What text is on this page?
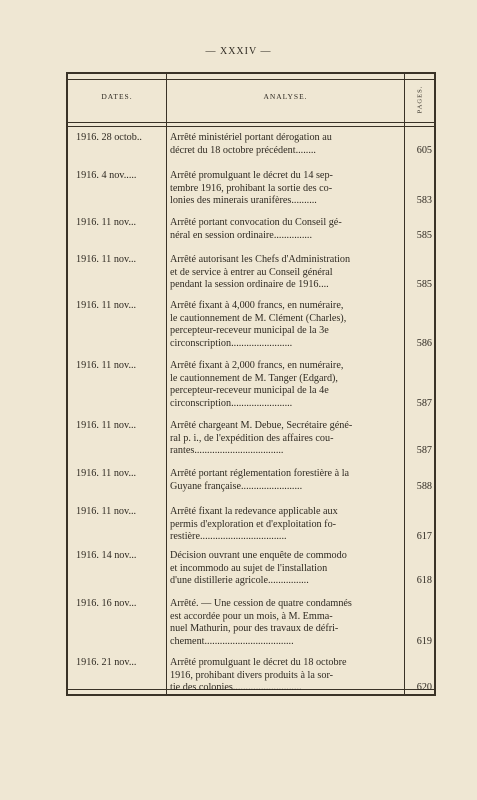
— XXXIV —
DATES.	ANALYSE.	PAGES.
1916. 28 octob..	Arrêté ministériel portant dérogation au

décret du 18 octobre précédent........	605
1916. 4 nov.....	Arrêté promulguant le décret du 14 sep-

tembre 1916, prohibant la sortie des co-

lonies des minerais uranifères..........	583
1916. 11 nov...	Arrêté portant convocation du Conseil gé-

néral en session ordinaire...............	585
1916. 11 nov...	Arrêté autorisant les Chefs d'Administration

et de service à entrer au Conseil général

pendant la session ordinaire de 1916....	585
1916. 11 nov...	Arrêté fixant à 4,000 francs, en numéraire,

le cautionnement de M. Clément (Charles),

percepteur-receveur municipal de la 3e

circonscription........................	586
1916. 11 nov...	Arrêté fixant à 2,000 francs, en numéraire,

le cautionnement de M. Tanger (Edgard),

percepteur-receveur municipal de la 4e

circonscription........................	587
1916. 11 nov...	Arrêté chargeant M. Debue, Secrétaire géné-

ral p. i., de l'expédition des affaires cou-

rantes...................................	587
1916. 11 nov...	Arrêté portant réglementation forestière à la

Guyane française........................	588
1916. 11 nov...	Arrêté fixant la redevance applicable aux

permis d'exploration et d'exploitation fo-

restière..................................	617
1916. 14 nov...	Décision ouvrant une enquête de commodo

et incommodo au sujet de l'installation

d'une distillerie agricole................	618
1916. 16 nov...	Arrêté. — Une cession de quatre condamnés

est accordée pour un mois, à M. Emma-

nuel Mathurin, pour des travaux de défri-

chement...................................	619
1916. 21 nov...	Arrêté promulguant le décret du 18 octobre

1916, prohibant divers produits à la sor-

tie des colonies...........................	620
